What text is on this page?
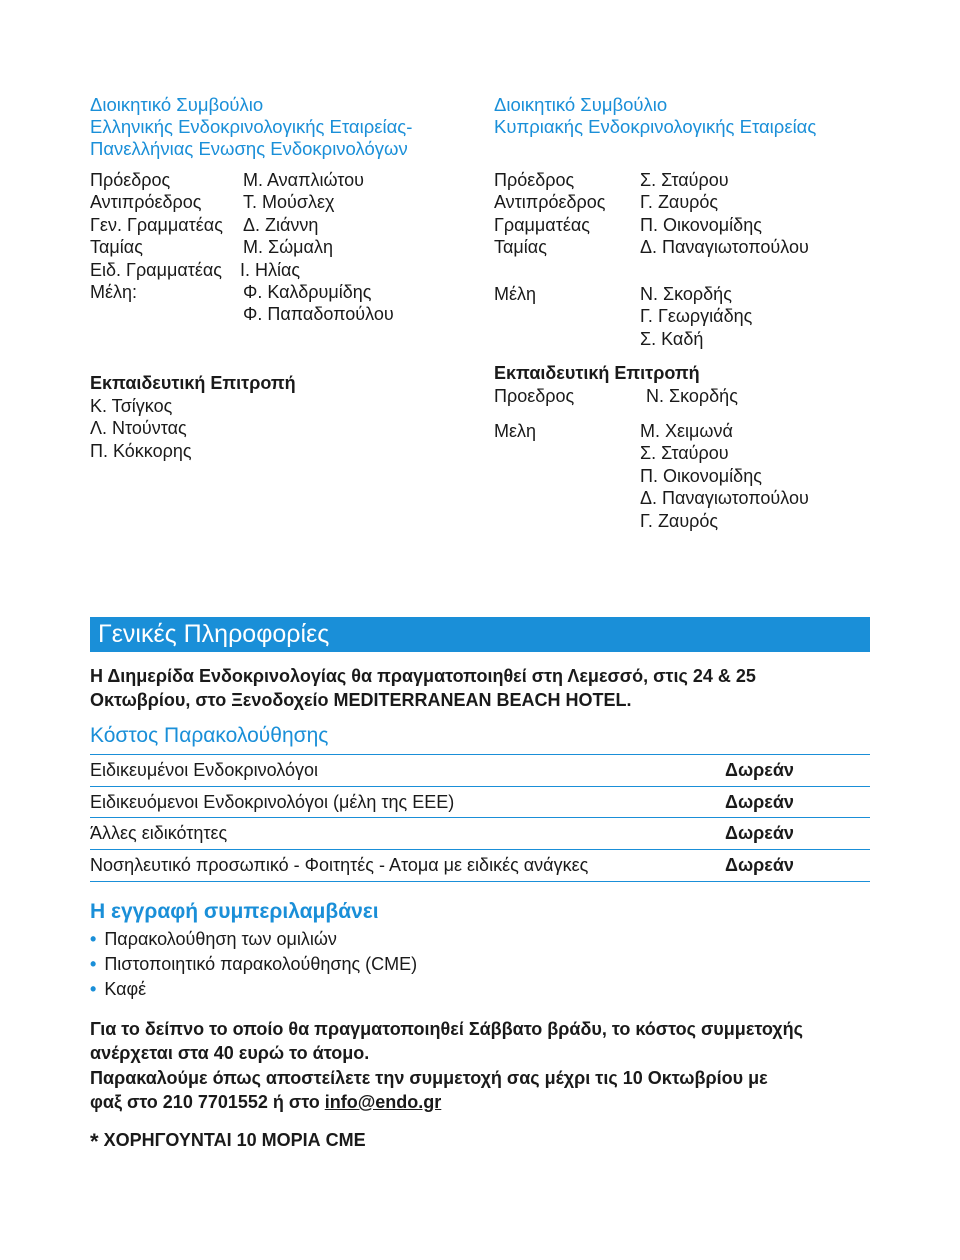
Διοικητικό Συμβούλιο
Ελληνικής Ενδοκρινολογικής Εταιρείας-
Πανελλήνιας Ενωσης Ενδοκρινολόγων
Πρόεδρος	Μ. Αναπλιώτου
Αντιπρόεδρος Τ. Μούσλεχ
Γεν. Γραμματέας Δ. Ζιάννη
Ταμίας	Μ. Σώμαλη
Ειδ. Γραμματέας Ι. Ηλίας
Μέλη:	Φ. Καλδρυμίδης
Φ. Παπαδοπούλου
Εκπαιδευτική Επιτροπή
Κ. Τσίγκος
Λ. Ντούντας
Π. Κόκκορης
Διοικητικό Συμβούλιο
Κυπριακής Ενδοκρινολογικής Εταιρείας
Πρόεδρος	Σ. Σταύρου
Αντιπρόεδρος Γ. Ζαυρός
Γραμματέας	Π. Οικονομίδης
Ταμίας	Δ. Παναγιωτοπούλου
Μέλη	Ν. Σκορδής
Γ. Γεωργιάδης
Σ. Καδή
Εκπαιδευτική Επιτροπή
Προεδρος	Ν. Σκορδής
Μελη	Μ. Χειμωνά
Σ. Σταύρου
Π. Οικονομίδης
Δ. Παναγιωτοπούλου
Γ. Ζαυρός
Γενικές Πληροφορίες
Η Διημερίδα Ενδοκρινολογίας θα πραγματοποιηθεί στη Λεμεσσό, στις 24 & 25
Οκτωβρίου, στο Ξενοδοχείο MEDITERRANEAN BEACH HOTEL.
Κόστος Παρακολούθησης
Ειδικευμένοι Ενδοκρινολόγοι	Δωρεάν
Ειδικευόμενοι Ενδοκρινολόγοι (μέλη της ΕΕΕ)	Δωρεάν
Άλλες ειδικότητες	Δωρεάν
Νοσηλευτικό προσωπικό - Φοιτητές - Ατομα με ειδικές ανάγκες	Δωρεάν
Η εγγραφή συμπεριλαμβάνει
• Παρακολούθηση των ομιλιών
• Πιστοποιητικό παρακολούθησης (CME)
• Καφέ
Για το δείπνο το οποίο θα πραγματοποιηθεί Σάββατο βράδυ, το κόστος συμμετοχής
ανέρχεται στα 40 ευρώ το άτομο.
Παρακαλούμε όπως αποστείλετε την συμμετοχή σας μέχρι τις 10 Οκτωβρίου με
φαξ στο 210 7701552 ή στο info@endo.gr
* ΧΟΡΗΓΟΥΝΤΑΙ 10 ΜΟΡΙΑ CME
